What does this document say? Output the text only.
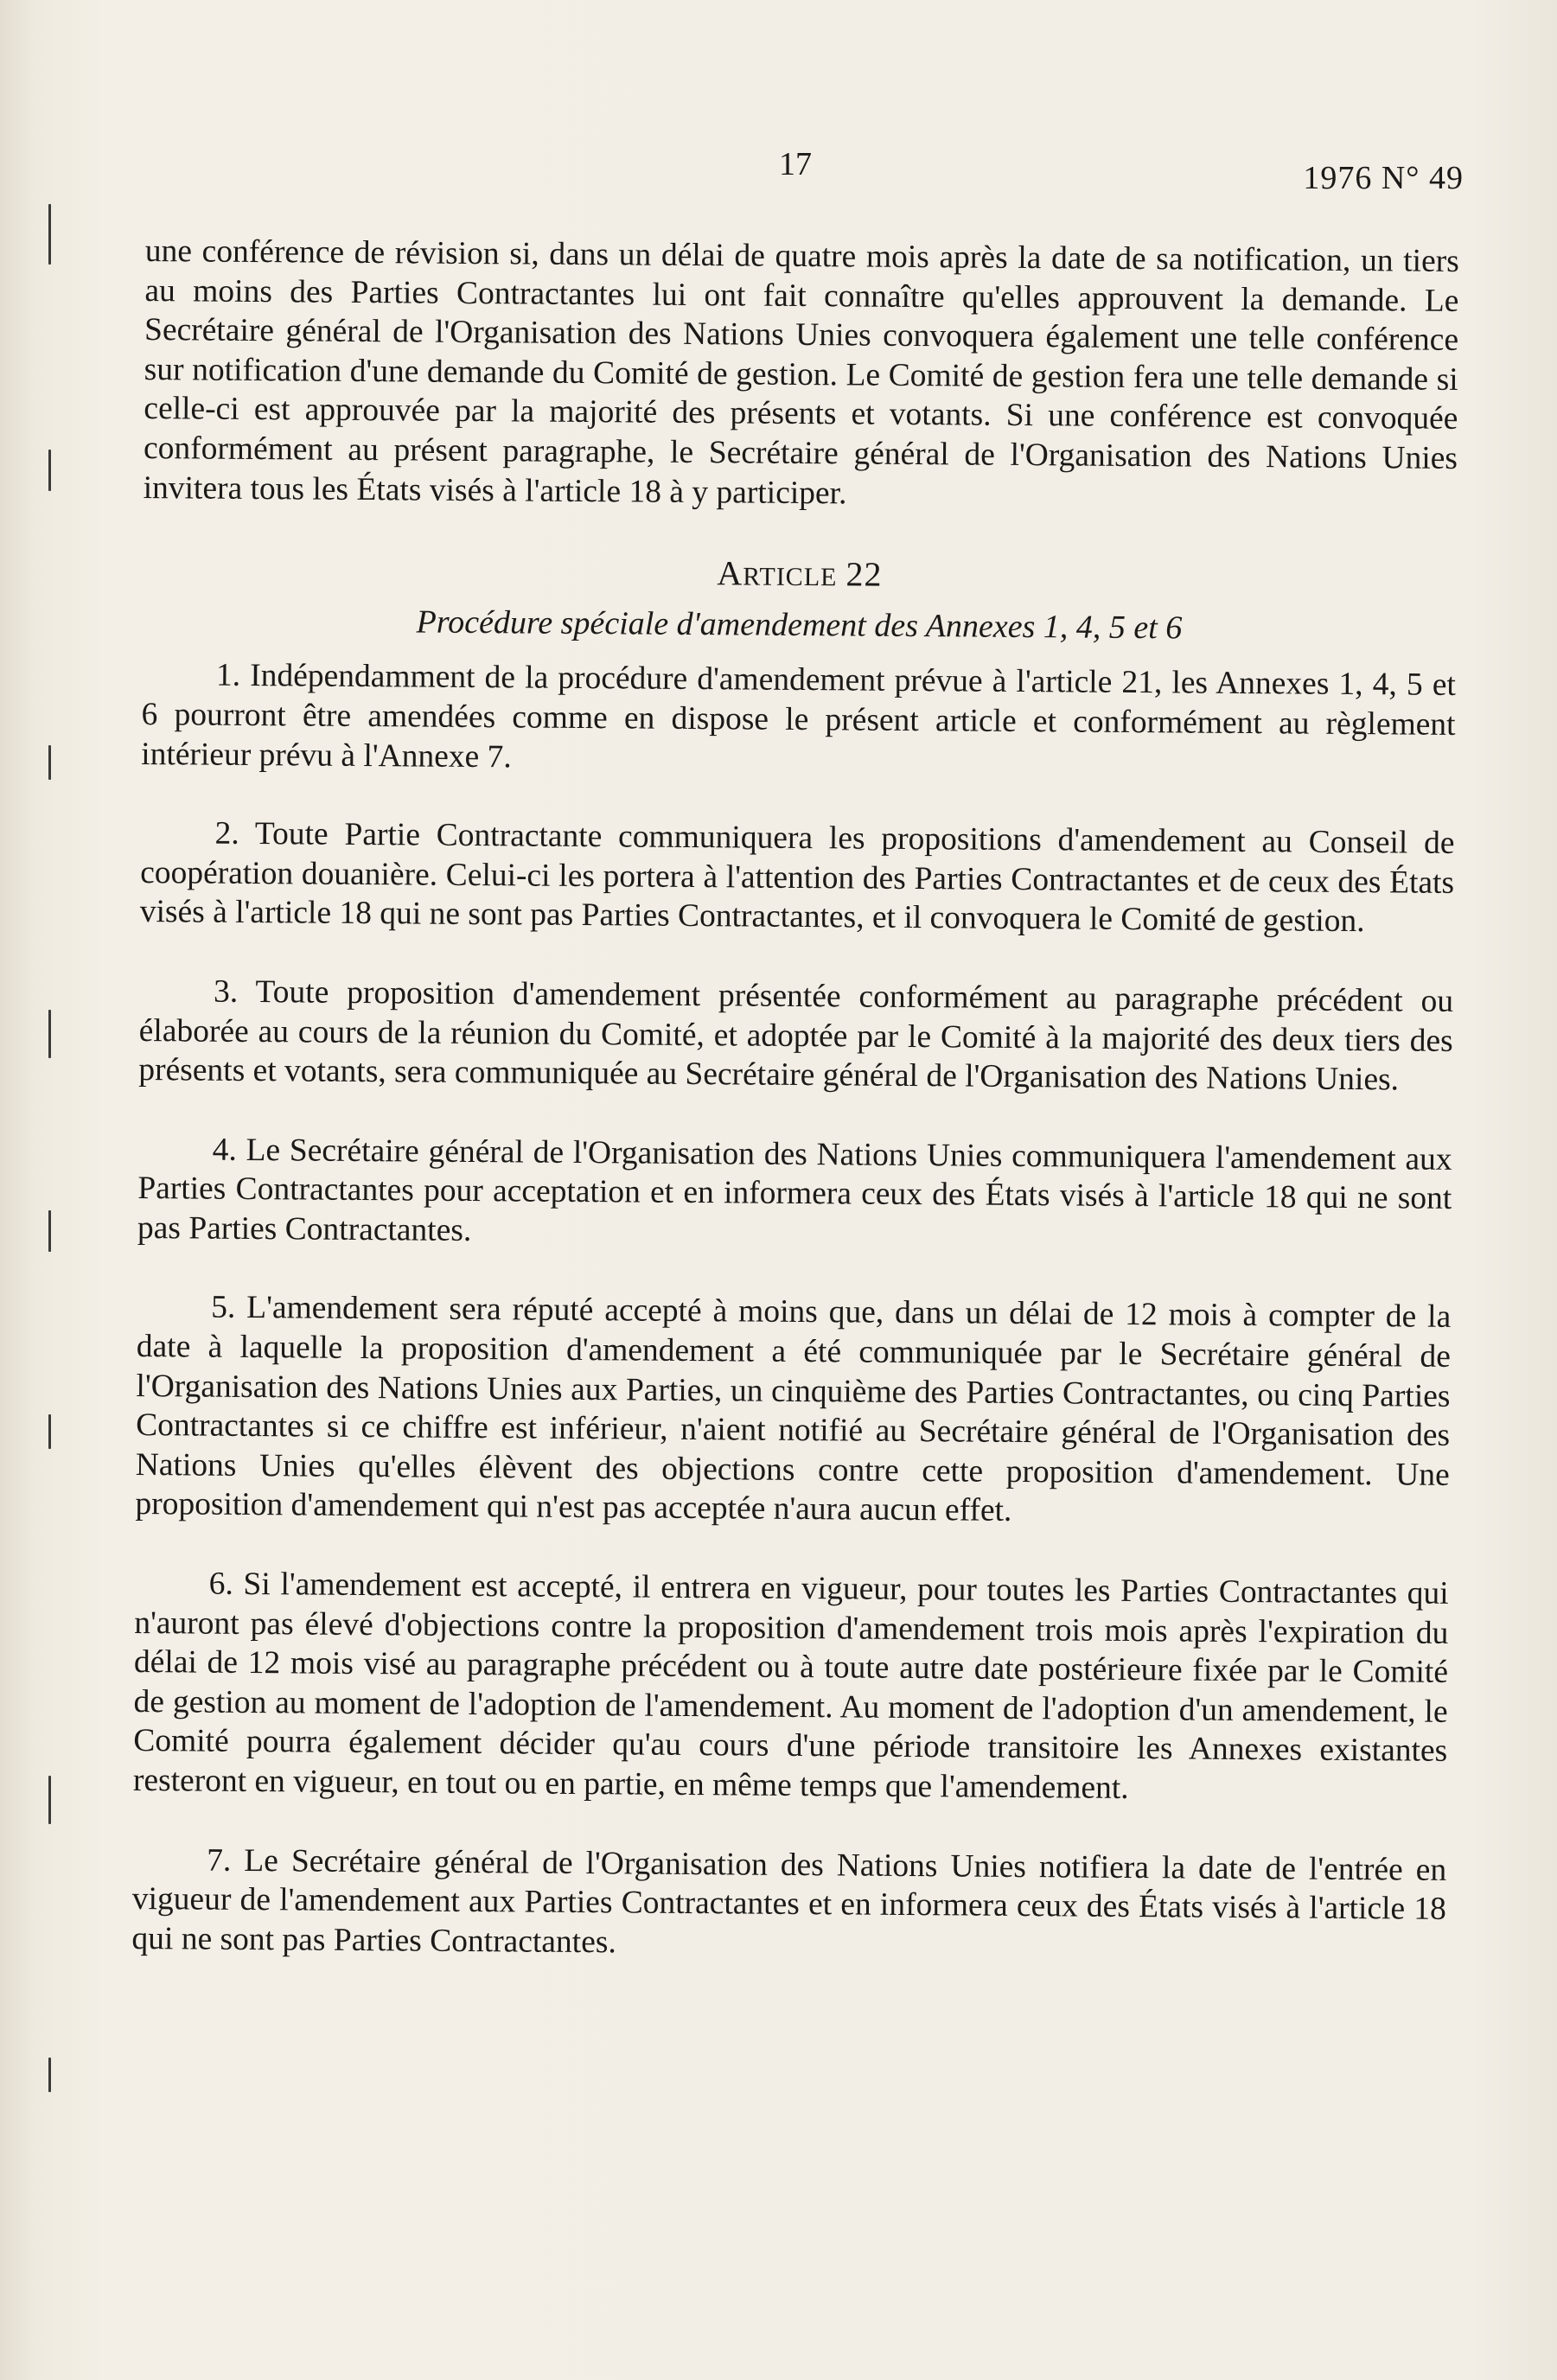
17	1976 N° 49

une conférence de révision si, dans un délai de quatre mois après la date de sa notification, un tiers au moins des Parties Contractantes lui ont fait connaître qu'elles approuvent la demande. Le Secrétaire général de l'Organisation des Nations Unies convoquera également une telle conférence sur notification d'une demande du Comité de gestion. Le Comité de gestion fera une telle demande si celle-ci est approuvée par la majorité des présents et votants. Si une conférence est convoquée conformément au présent paragraphe, le Secrétaire général de l'Organisation des Nations Unies invitera tous les États visés à l'article 18 à y participer.

ARTICLE 22
Procédure spéciale d'amendement des Annexes 1, 4, 5 et 6

1. Indépendamment de la procédure d'amendement prévue à l'article 21, les Annexes 1, 4, 5 et 6 pourront être amendées comme en dispose le présent article et conformément au règlement intérieur prévu à l'Annexe 7.

2. Toute Partie Contractante communiquera les propositions d'amendement au Conseil de coopération douanière. Celui-ci les portera à l'attention des Parties Contractantes et de ceux des États visés à l'article 18 qui ne sont pas Parties Contractantes, et il convoquera le Comité de gestion.

3. Toute proposition d'amendement présentée conformément au paragraphe précédent ou élaborée au cours de la réunion du Comité, et adoptée par le Comité à la majorité des deux tiers des présents et votants, sera communiquée au Secrétaire général de l'Organisation des Nations Unies.

4. Le Secrétaire général de l'Organisation des Nations Unies communiquera l'amendement aux Parties Contractantes pour acceptation et en informera ceux des États visés à l'article 18 qui ne sont pas Parties Contractantes.

5. L'amendement sera réputé accepté à moins que, dans un délai de 12 mois à compter de la date à laquelle la proposition d'amendement a été communiquée par le Secrétaire général de l'Organisation des Nations Unies aux Parties, un cinquième des Parties Contractantes, ou cinq Parties Contractantes si ce chiffre est inférieur, n'aient notifié au Secrétaire général de l'Organisation des Nations Unies qu'elles élèvent des objections contre cette proposition d'amendement. Une proposition d'amendement qui n'est pas acceptée n'aura aucun effet.

6. Si l'amendement est accepté, il entrera en vigueur, pour toutes les Parties Contractantes qui n'auront pas élevé d'objections contre la proposition d'amendement trois mois après l'expiration du délai de 12 mois visé au paragraphe précédent ou à toute autre date postérieure fixée par le Comité de gestion au moment de l'adoption de l'amendement. Au moment de l'adoption d'un amendement, le Comité pourra également décider qu'au cours d'une période transitoire les Annexes existantes resteront en vigueur, en tout ou en partie, en même temps que l'amendement.

7. Le Secrétaire général de l'Organisation des Nations Unies notifiera la date de l'entrée en vigueur de l'amendement aux Parties Contractantes et en informera ceux des États visés à l'article 18 qui ne sont pas Parties Contractantes.
